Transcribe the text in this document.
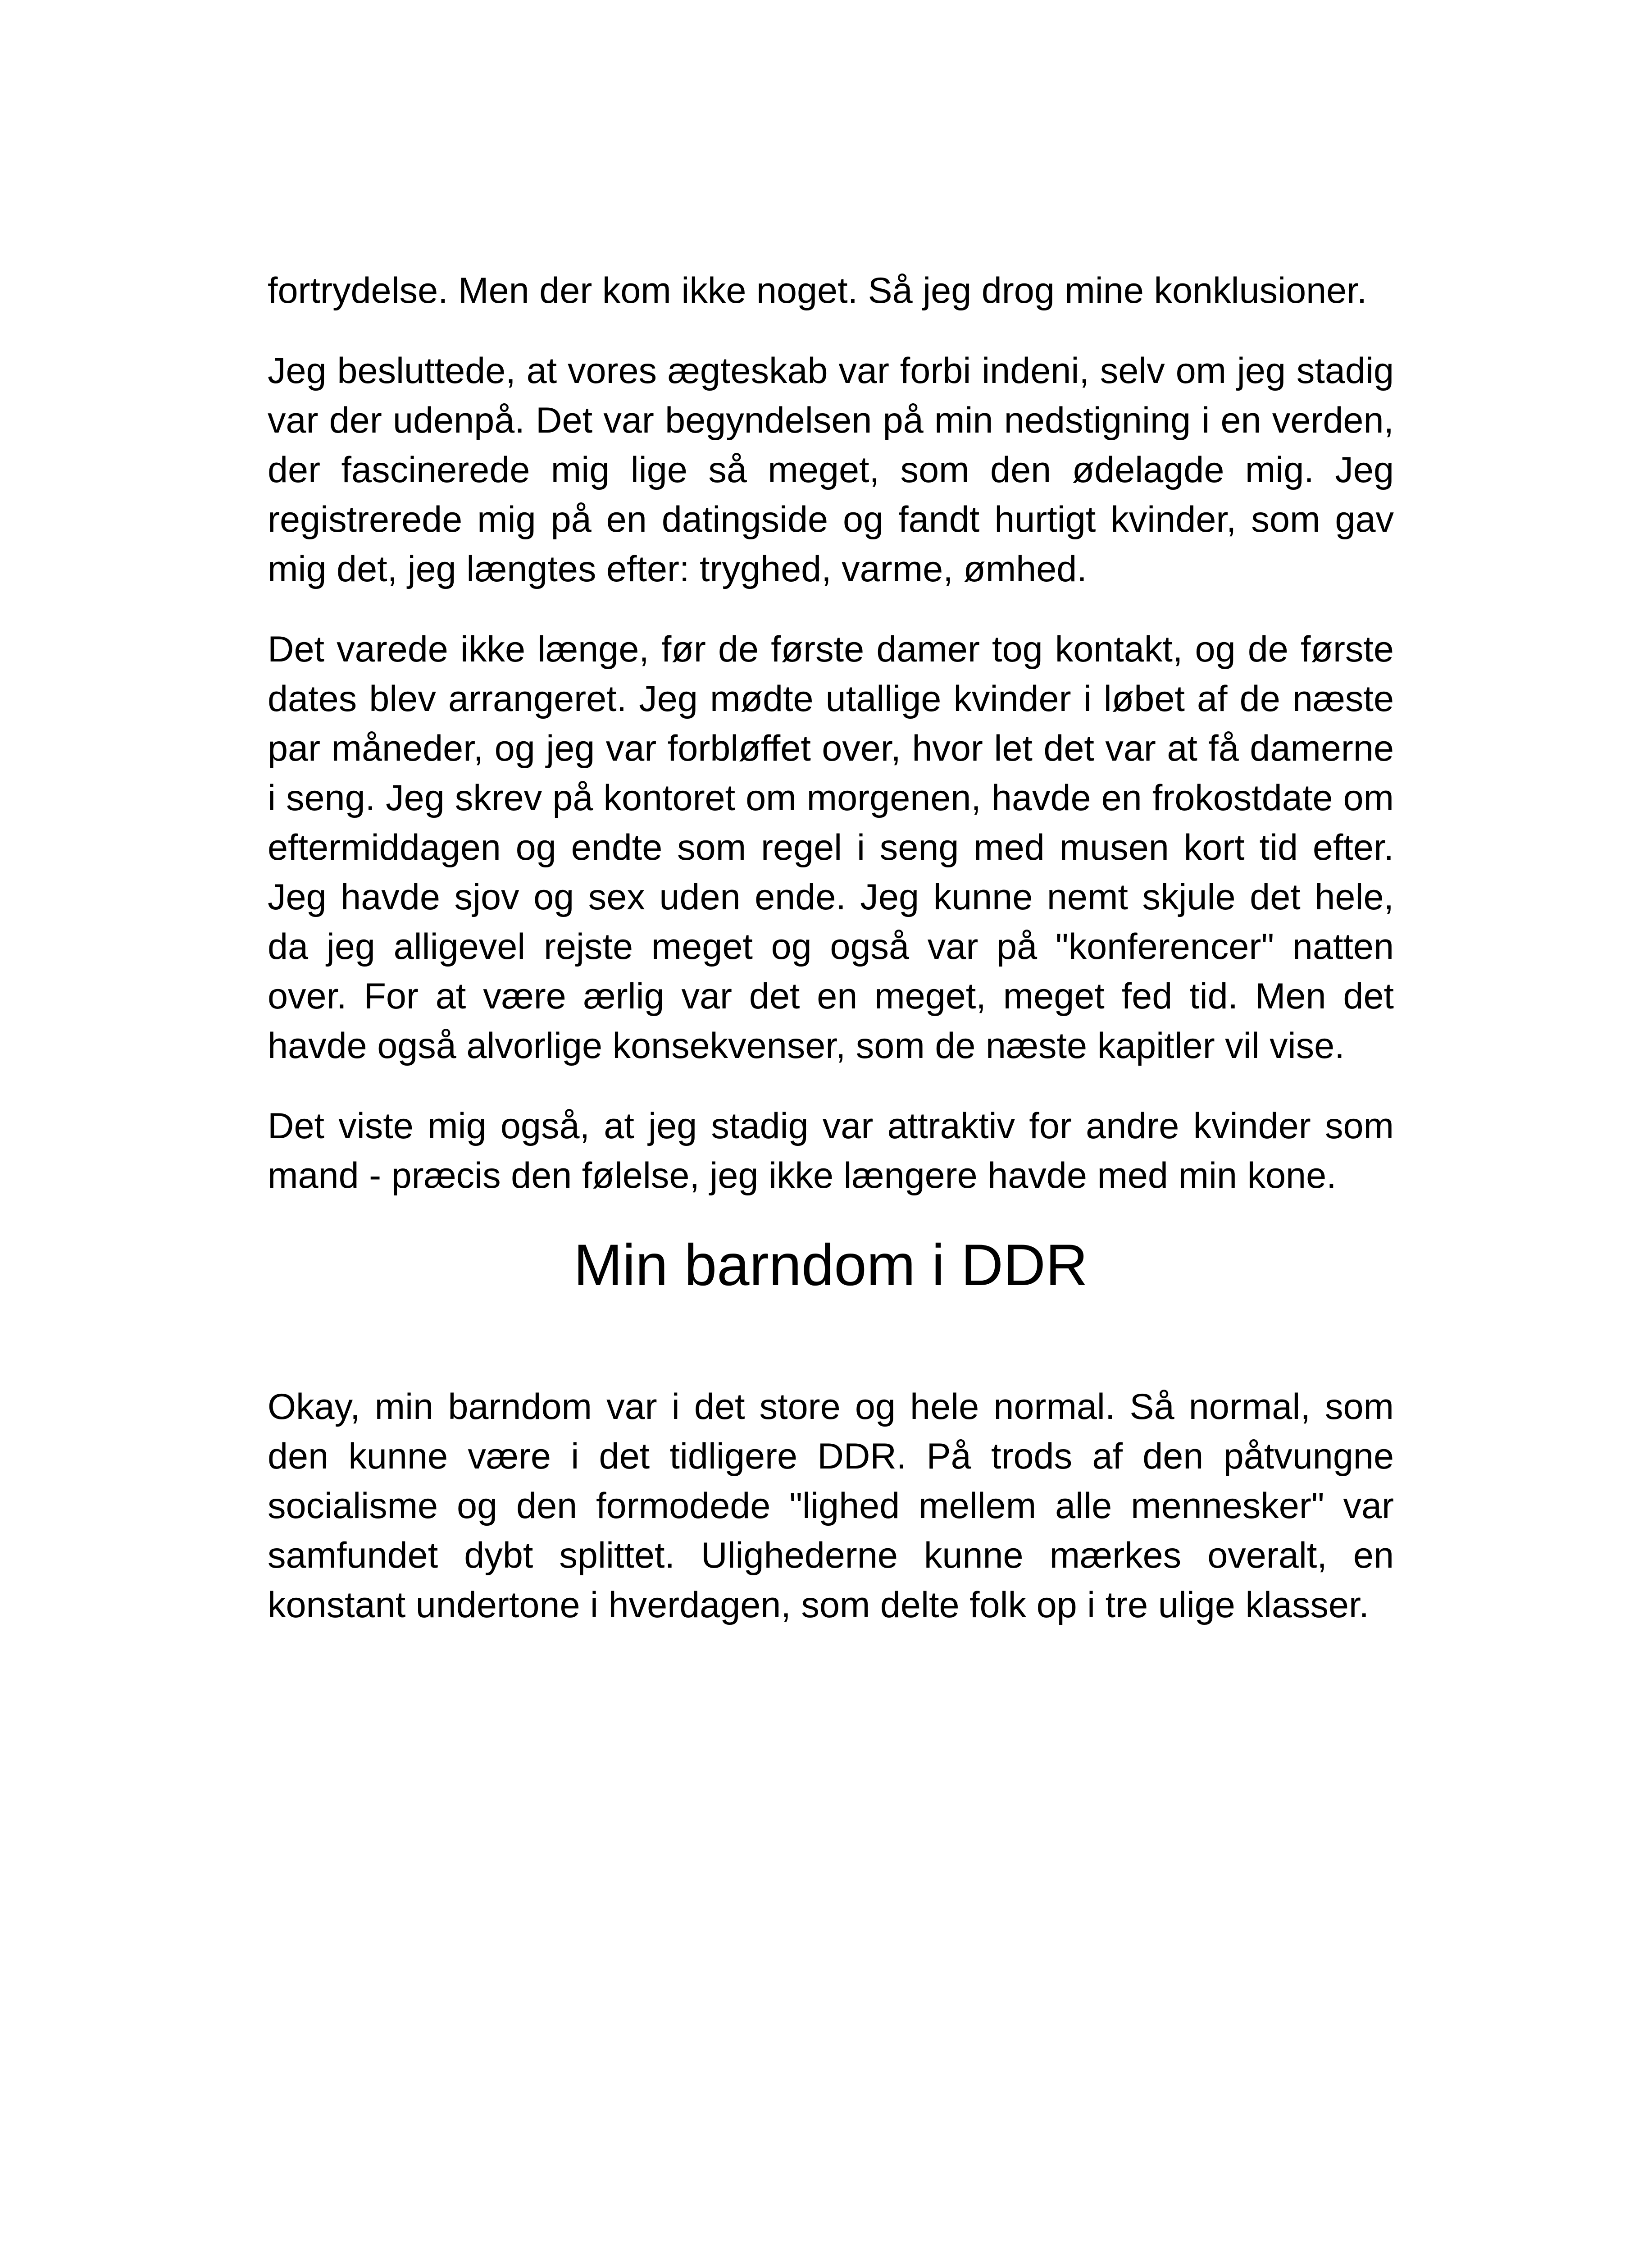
fortrydelse. Men der kom ikke noget. Så jeg drog mine konklusioner.

Jeg besluttede, at vores ægteskab var forbi indeni, selv om jeg stadig var der udenpå. Det var begyndelsen på min nedstigning i en verden, der fascinerede mig lige så meget, som den ødelagde mig. Jeg registrerede mig på en datingside og fandt hurtigt kvinder, som gav mig det, jeg længtes efter: tryghed, varme, ømhed.

Det varede ikke længe, før de første damer tog kontakt, og de første dates blev arrangeret. Jeg mødte utallige kvinder i løbet af de næste par måneder, og jeg var forbløffet over, hvor let det var at få damerne i seng. Jeg skrev på kontoret om morgenen, havde en frokostdate om eftermiddagen og endte som regel i seng med musen kort tid efter. Jeg havde sjov og sex uden ende. Jeg kunne nemt skjule det hele, da jeg alligevel rejste meget og også var på "konferencer" natten over. For at være ærlig var det en meget, meget fed tid. Men det havde også alvorlige konsekvenser, som de næste kapitler vil vise.

Det viste mig også, at jeg stadig var attraktiv for andre kvinder som mand - præcis den følelse, jeg ikke længere havde med min kone.

Min barndom i DDR

Okay, min barndom var i det store og hele normal. Så normal, som den kunne være i det tidligere DDR. På trods af den påtvungne socialisme og den formodede "lighed mellem alle mennesker" var samfundet dybt splittet. Ulighederne kunne mærkes overalt, en konstant undertone i hverdagen, som delte folk op i tre ulige klasser.
